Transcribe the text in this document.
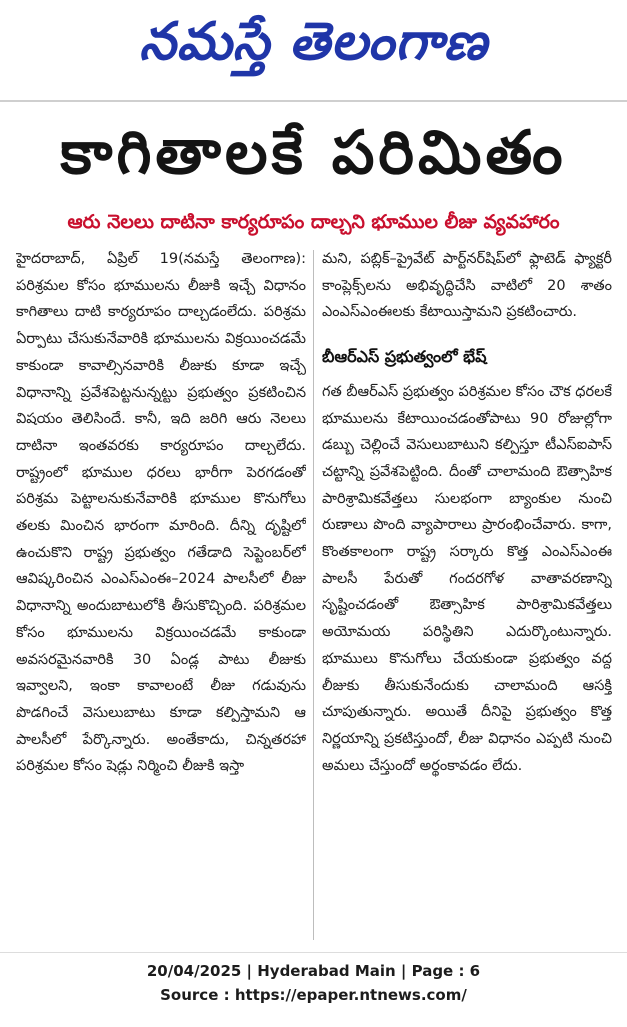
నమస్తే తెలంగాణ
కాగితాలకే పరిమితం
ఆరు నెలలు దాటినా కార్యరూపం దాల్చని భూముల లీజు వ్యవహారం

హైదరాబాద్, ఏప్రిల్ 19(నమస్తే తెలంగాణ): పరిశ్రమల కోసం భూములను లీజుకి ఇచ్చే విధానం కాగితాలు దాటి కార్యరూపం దాల్చడంలేదు. పరిశ్రమ ఏర్పాటు చేసుకునేవారికి భూములను విక్రయించడమే కాకుండా కావాల్సినవారికి లీజుకు కూడా ఇచ్చే విధానాన్ని ప్రవేశపెట్టనున్నట్టు ప్రభుత్వం ప్రకటించిన విషయం తెలిసిందే. కానీ, ఇది జరిగి ఆరు నెలలు దాటినా ఇంతవరకు కార్యరూపం దాల్చలేదు. రాష్ట్రంలో భూముల ధరలు భారీగా పెరగడంతో పరిశ్రమ పెట్టాలనుకునేవారికి భూముల కొనుగోలు తలకు మించిన భారంగా మారింది. దీన్ని దృష్టిలో ఉంచుకొని రాష్ట్ర ప్రభుత్వం గతేడాది సెప్టెంబర్‌లో ఆవిష్కరించిన ఎంఎస్ఎంఈ–2024 పాలసీలో లీజు విధానాన్ని అందుబాటులోకి తీసుకొచ్చింది. పరిశ్రమల కోసం భూములను విక్రయించడమే కాకుండా అవసరమైనవారికి 30 ఏండ్ల పాటు లీజుకు ఇవ్వాలని, ఇంకా కావాలంటే లీజు గడువును పొడగించే వెసులుబాటు కూడా కల్పిస్తామని ఆ పాలసీలో పేర్కొన్నారు. అంతేకాదు, చిన్నతరహా పరిశ్రమల కోసం షెడ్లు నిర్మించి లీజుకి ఇస్తా

మని, పబ్లిక్–ప్రైవేట్ పార్ట్‌నర్‌షిప్‌లో ఫ్లాటెడ్ ఫ్యాక్టరీ కాంప్లెక్స్‌లను అభివృద్ధిచేసి వాటిలో 20 శాతం ఎంఎస్ఎంఈలకు కేటాయిస్తామని ప్రకటించారు.

బీఆర్ఎస్ ప్రభుత్వంలో భేష్

గత బీఆర్ఎస్ ప్రభుత్వం పరిశ్రమల కోసం చౌక ధరలకే భూములను కేటాయించడంతోపాటు 90 రోజుల్లోగా డబ్బు చెల్లించే వెసులుబాటుని కల్పిస్తూ టీఎస్ఐపాస్ చట్టాన్ని ప్రవేశపెట్టింది. దీంతో చాలామంది ఔత్సాహిక పారిశ్రామికవేత్తలు సులభంగా బ్యాంకుల నుంచి రుణాలు పొంది వ్యాపారాలు ప్రారంభించేవారు. కాగా, కొంతకాలంగా రాష్ట్ర సర్కారు కొత్త ఎంఎస్ఎంఈ పాలసీ పేరుతో గందరగోళ వాతావరణాన్ని సృష్టించడంతో ఔత్సాహిక పారిశ్రామికవేత్తలు అయోమయ పరిస్థితిని ఎదుర్కొంటున్నారు. భూములు కొనుగోలు చేయకుండా ప్రభుత్వం వద్ద లీజుకు తీసుకునేందుకు చాలామంది ఆసక్తి చూపుతున్నారు. అయితే దీనిపై ప్రభుత్వం కొత్త నిర్ణయాన్ని ప్రకటిస్తుందో, లీజు విధానం ఎప్పటి నుంచి అమలు చేస్తుందో అర్థంకావడం లేదు.

20/04/2025 | Hyderabad Main | Page : 6
Source : https://epaper.ntnews.com/
